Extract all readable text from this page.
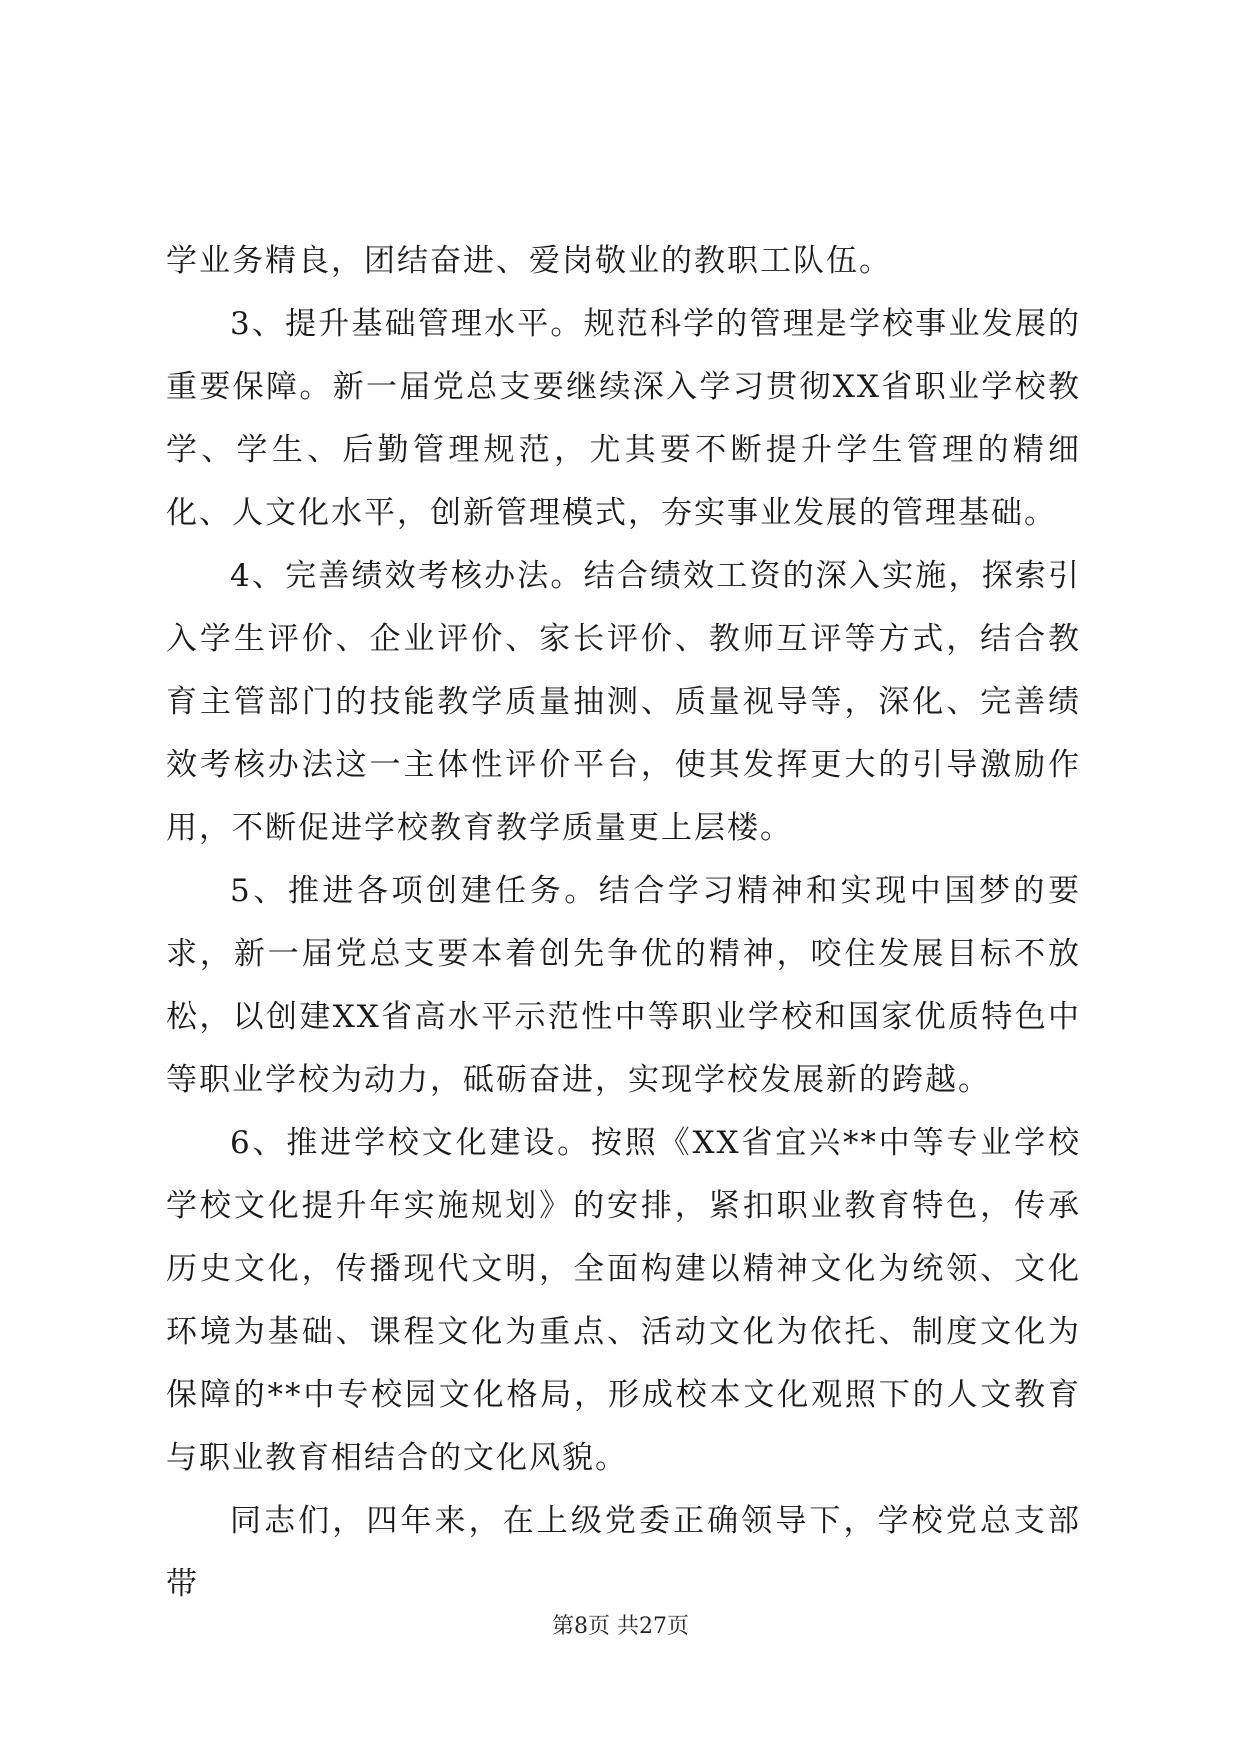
学业务精良，团结奋进、爱岗敬业的教职工队伍。

3、提升基础管理水平。规范科学的管理是学校事业发展的重要保障。新一届党总支要继续深入学习贯彻XX省职业学校教学、学生、后勤管理规范，尤其要不断提升学生管理的精细化、人文化水平，创新管理模式，夯实事业发展的管理基础。

4、完善绩效考核办法。结合绩效工资的深入实施，探索引入学生评价、企业评价、家长评价、教师互评等方式，结合教育主管部门的技能教学质量抽测、质量视导等，深化、完善绩效考核办法这一主体性评价平台，使其发挥更大的引导激励作用，不断促进学校教育教学质量更上层楼。

5、推进各项创建任务。结合学习精神和实现中国梦的要求，新一届党总支要本着创先争优的精神，咬住发展目标不放松，以创建XX省高水平示范性中等职业学校和国家优质特色中等职业学校为动力，砥砺奋进，实现学校发展新的跨越。

6、推进学校文化建设。按照《XX省宜兴**中等专业学校学校文化提升年实施规划》的安排，紧扣职业教育特色，传承历史文化，传播现代文明，全面构建以精神文化为统领、文化环境为基础、课程文化为重点、活动文化为依托、制度文化为保障的**中专校园文化格局，形成校本文化观照下的人文教育与职业教育相结合的文化风貌。

同志们，四年来，在上级党委正确领导下，学校党总支部带

第8页 共27页
